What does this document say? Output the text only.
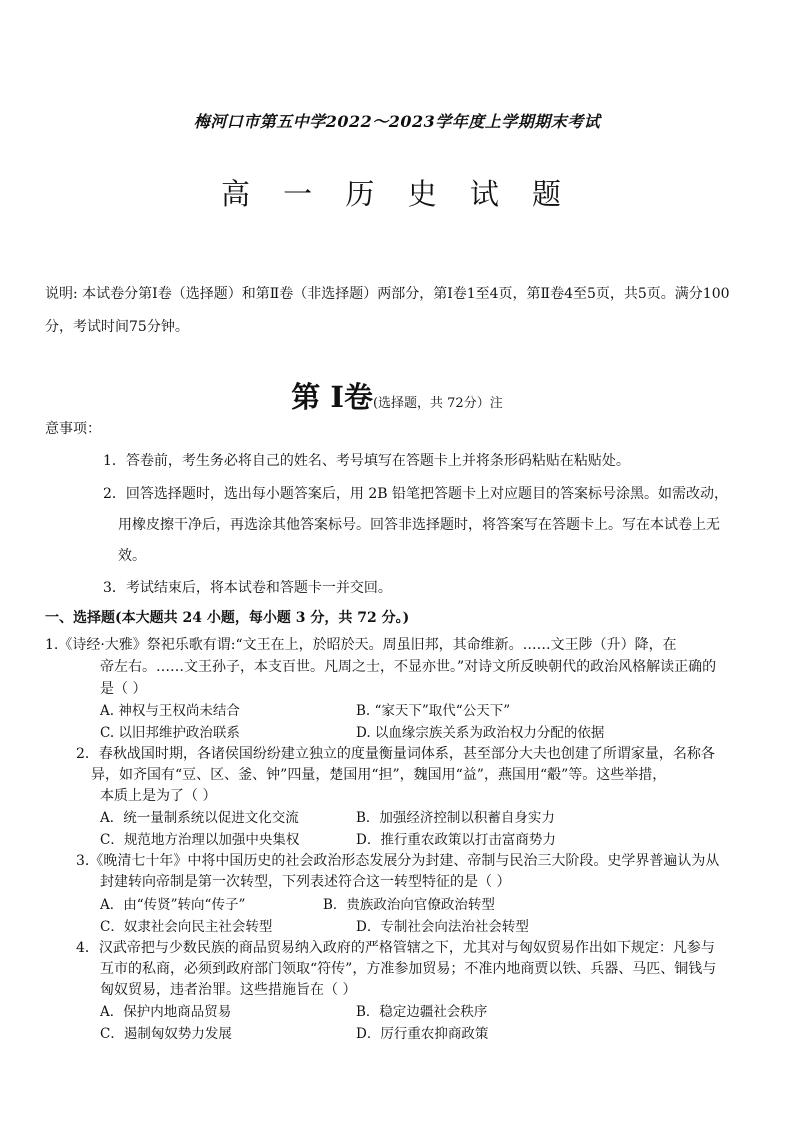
梅河口市第五中学2022～2023学年度上学期期末考试
高 一 历 史 试 题
说明: 本试卷分第Ⅰ卷（选择题）和第Ⅱ卷（非选择题）两部分，第Ⅰ卷1至4页，第Ⅱ卷4至5页，共5页。满分100分，考试时间75分钟。
第 Ⅰ卷(选择题，共 72分）注
意事项：
1．答卷前，考生务必将自己的姓名、考号填写在答题卡上并将条形码粘贴在粘贴处。
2．回答选择题时，选出每小题答案后，用 2B 铅笔把答题卡上对应题目的答案标号涂黑。如需改动，
用橡皮擦干净后，再选涂其他答案标号。回答非选择题时，将答案写在答题卡上。写在本试卷上无
效。
3．考试结束后，将本试卷和答题卡一并交回。
一、选择题(本大题共 24 小题，每小题 3 分，共 72 分。)
1.《诗经·大雅》祭祀乐歌有谓:“文王在上，於昭於天。周虽旧邦，其命维新。……文王陟（升）降，在
帝左右。……文王孙子，本支百世。凡周之士，不显亦世。”对诗文所反映朝代的政治风格解读正确的
是（ ）
A. 神权与王权尚未结合	B. “家天下”取代“公天下”
C. 以旧邦维护政治联系	D. 以血缘宗族关系为政治权力分配的依据
2．春秋战国时期，各诸侯国纷纷建立独立的度量衡量词体系，甚至部分大夫也创建了所谓家量，名称各
异，如齐国有“豆、区、釜、钟”四量，楚国用“担”，魏国用“益”，燕国用“觳”等。这些举措，
本质上是为了（ ）
A．统一量制系统以促进文化交流	B．加强经济控制以积蓄自身实力
C．规范地方治理以加强中央集权	D．推行重农政策以打击富商势力
3.《晚清七十年》中将中国历史的社会政治形态发展分为封建、帝制与民治三大阶段。史学界普遍认为从
封建转向帝制是第一次转型，下列表述符合这一转型特征的是（ ）
A．由“传贤”转向“传子”	B．贵族政治向官僚政治转型
C．奴隶社会向民主社会转型	D．专制社会向法治社会转型
4．汉武帝把与少数民族的商品贸易纳入政府的严格管辖之下，尤其对与匈奴贸易作出如下规定：凡参与
互市的私商，必须到政府部门领取“符传”，方准参加贸易；不准内地商贾以铁、兵器、马匹、铜钱与
匈奴贸易，违者治罪。这些措施旨在（ ）
A．保护内地商品贸易	B．稳定边疆社会秩序
C．遏制匈奴势力发展	D．厉行重农抑商政策
